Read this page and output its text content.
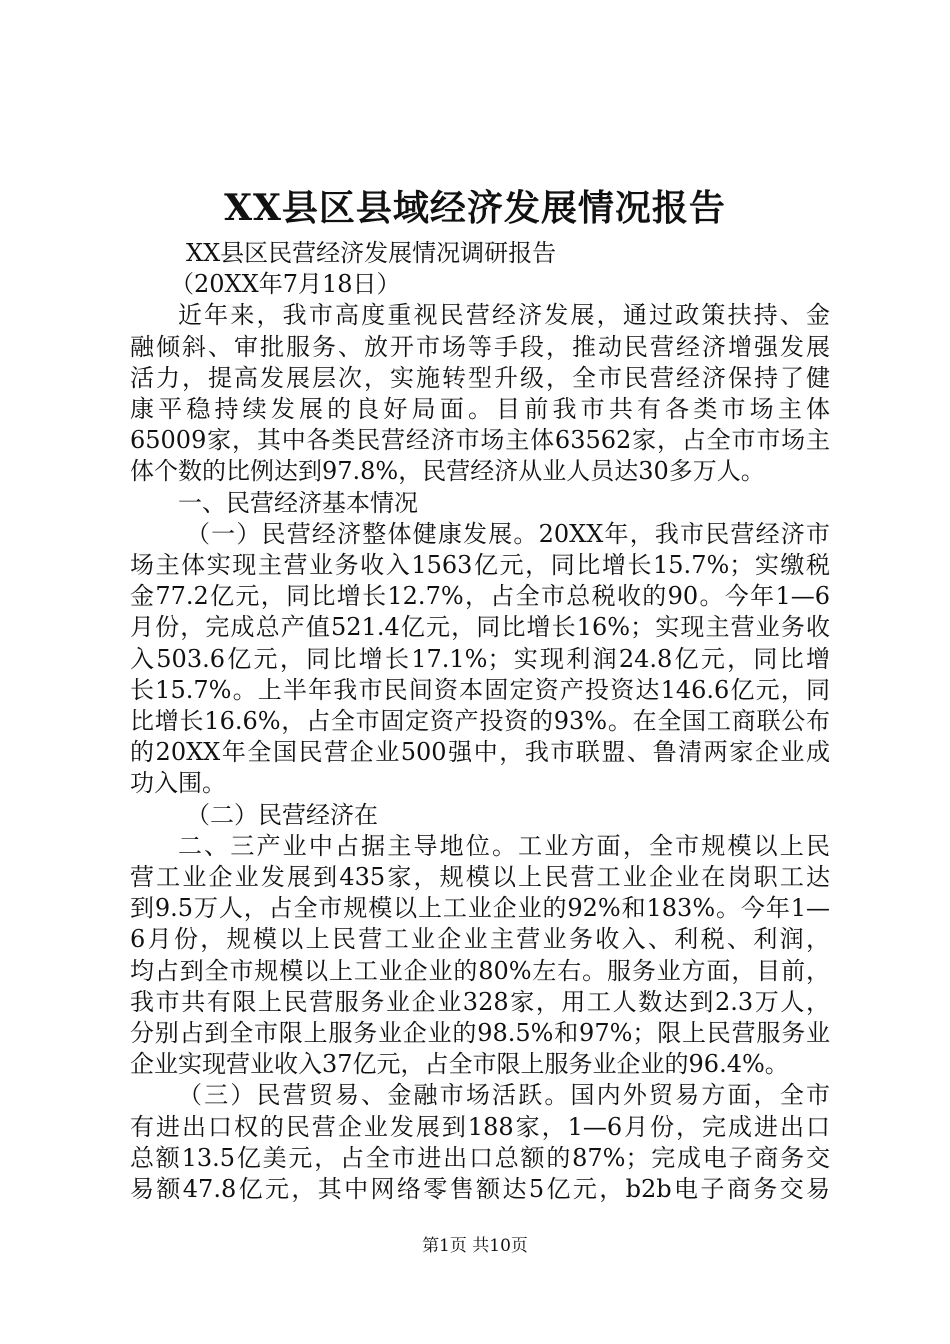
XX县区县域经济发展情况报告
XX县区民营经济发展情况调研报告
（20XX年7月18日）
近年来，我市高度重视民营经济发展，通过政策扶持、金
融倾斜、审批服务、放开市场等手段，推动民营经济增强发展
活力，提高发展层次，实施转型升级，全市民营经济保持了健
康平稳持续发展的良好局面。目前我市共有各类市场主体
65009家，其中各类民营经济市场主体63562家，占全市市场主
体个数的比例达到97.8%，民营经济从业人员达30多万人。
一、民营经济基本情况
（一）民营经济整体健康发展。20XX年，我市民营经济市
场主体实现主营业务收入1563亿元，同比增长15.7%；实缴税
金77.2亿元，同比增长12.7%，占全市总税收的90。今年1—6
月份，完成总产值521.4亿元，同比增长16%；实现主营业务收
入503.6亿元，同比增长17.1%；实现利润24.8亿元，同比增
长15.7%。上半年我市民间资本固定资产投资达146.6亿元，同
比增长16.6%，占全市固定资产投资的93%。在全国工商联公布
的20XX年全国民营企业500强中，我市联盟、鲁清两家企业成
功入围。
（二）民营经济在
二、三产业中占据主导地位。工业方面，全市规模以上民
营工业企业发展到435家，规模以上民营工业企业在岗职工达
到9.5万人，占全市规模以上工业企业的92%和183%。今年1—
6月份，规模以上民营工业企业主营业务收入、利税、利润，
均占到全市规模以上工业企业的80%左右。服务业方面，目前，
我市共有限上民营服务业企业328家，用工人数达到2.3万人，
分别占到全市限上服务业企业的98.5%和97%；限上民营服务业
企业实现营业收入37亿元，占全市限上服务业企业的96.4%。
（三）民营贸易、金融市场活跃。国内外贸易方面，全市
有进出口权的民营企业发展到188家，1—6月份，完成进出口
总额13.5亿美元，占全市进出口总额的87%；完成电子商务交
易额47.8亿元，其中网络零售额达5亿元，b2b电子商务交易
第1页 共10页
